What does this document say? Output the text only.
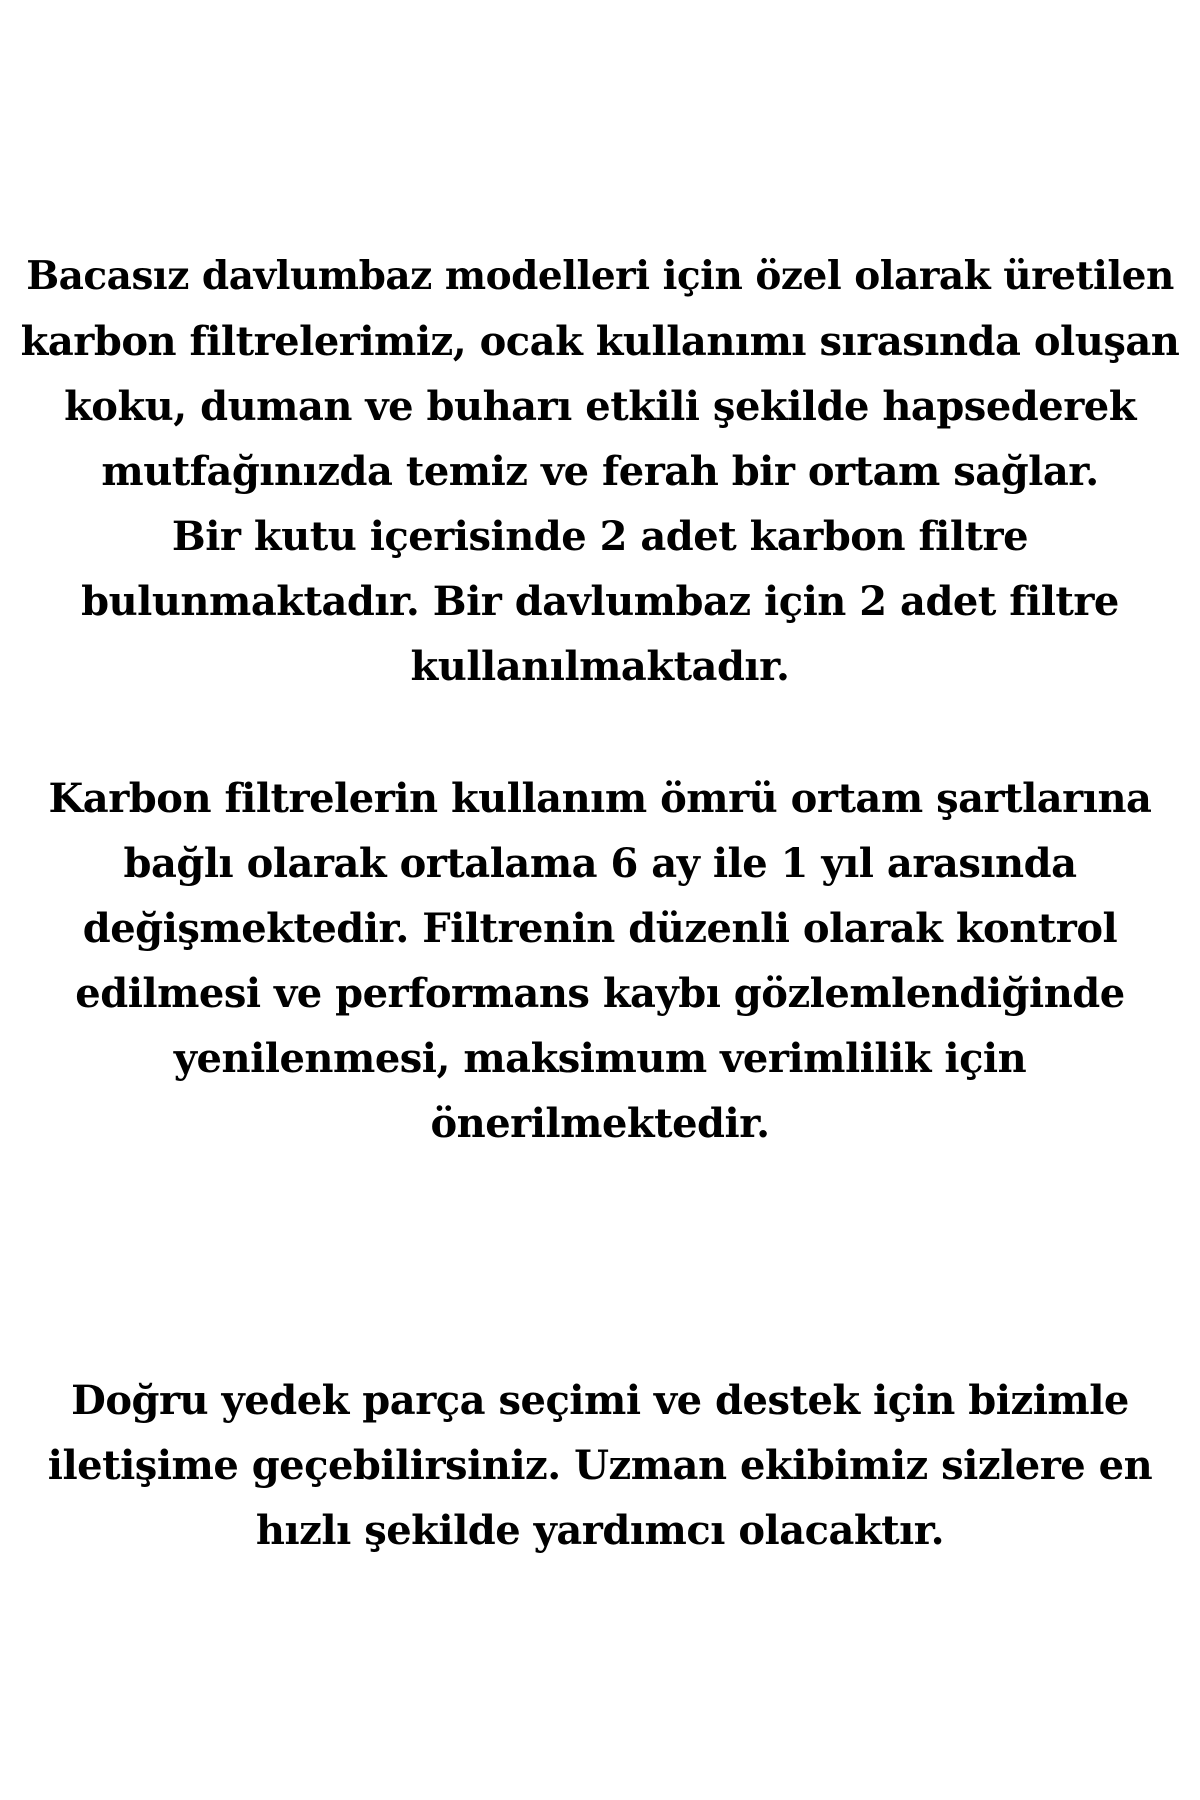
Bacasız davlumbaz modelleri için özel olarak üretilen
karbon filtrelerimiz, ocak kullanımı sırasında oluşan
koku, duman ve buharı etkili şekilde hapsederek
mutfağınızda temiz ve ferah bir ortam sağlar.
Bir kutu içerisinde 2 adet karbon filtre
bulunmaktadır. Bir davlumbaz için 2 adet filtre
kullanılmaktadır.
Karbon filtrelerin kullanım ömrü ortam şartlarına
bağlı olarak ortalama 6 ay ile 1 yıl arasında
değişmektedir. Filtrenin düzenli olarak kontrol
edilmesi ve performans kaybı gözlemlendiğinde
yenilenmesi, maksimum verimlilik için
önerilmektedir.
Doğru yedek parça seçimi ve destek için bizimle
iletişime geçebilirsiniz. Uzman ekibimiz sizlere en
hızlı şekilde yardımcı olacaktır.
